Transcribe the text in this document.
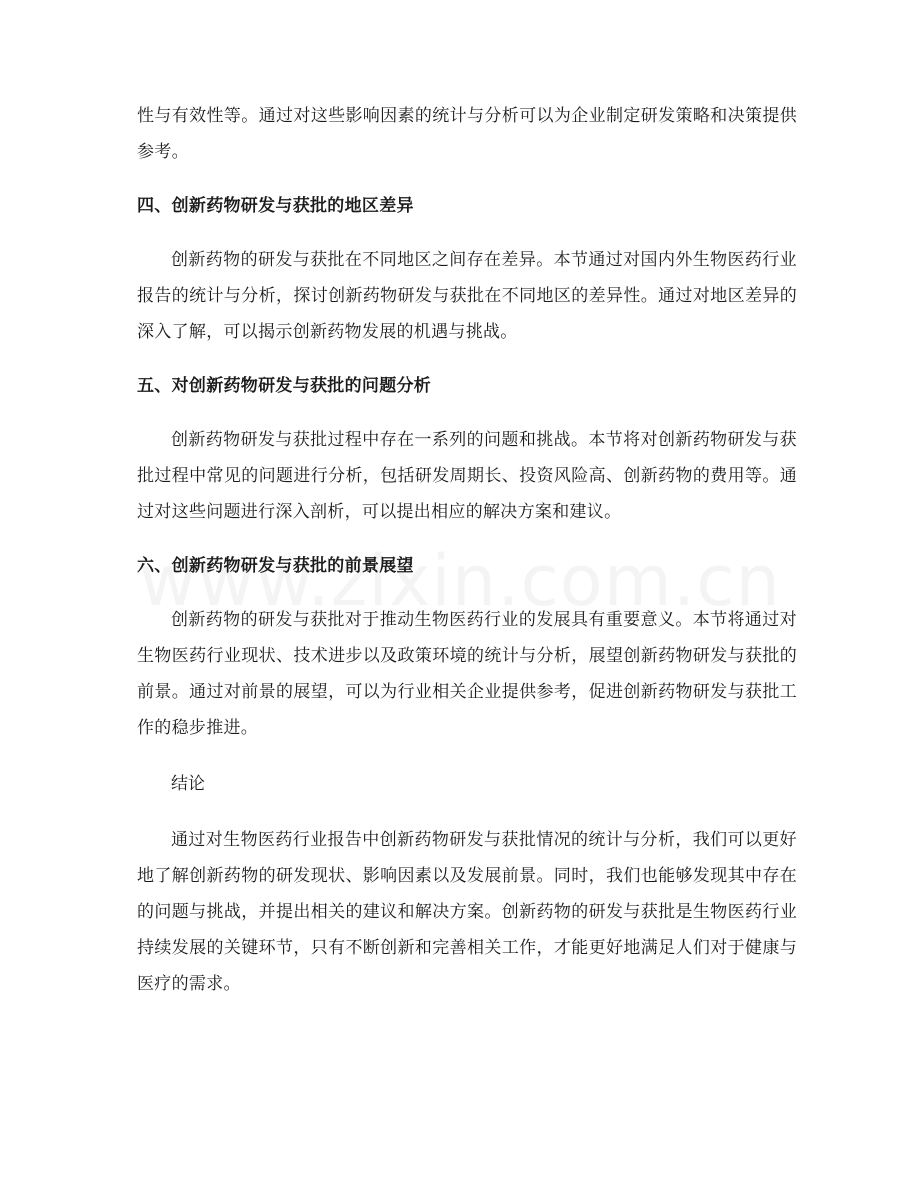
性与有效性等。通过对这些影响因素的统计与分析可以为企业制定研发策略和决策提供参考。

四、创新药物研发与获批的地区差异

创新药物的研发与获批在不同地区之间存在差异。本节通过对国内外生物医药行业报告的统计与分析，探讨创新药物研发与获批在不同地区的差异性。通过对地区差异的深入了解，可以揭示创新药物发展的机遇与挑战。

五、对创新药物研发与获批的问题分析

创新药物研发与获批过程中存在一系列的问题和挑战。本节将对创新药物研发与获批过程中常见的问题进行分析，包括研发周期长、投资风险高、创新药物的费用等。通过对这些问题进行深入剖析，可以提出相应的解决方案和建议。

六、创新药物研发与获批的前景展望

创新药物的研发与获批对于推动生物医药行业的发展具有重要意义。本节将通过对生物医药行业现状、技术进步以及政策环境的统计与分析，展望创新药物研发与获批的前景。通过对前景的展望，可以为行业相关企业提供参考，促进创新药物研发与获批工作的稳步推进。

结论

通过对生物医药行业报告中创新药物研发与获批情况的统计与分析，我们可以更好地了解创新药物的研发现状、影响因素以及发展前景。同时，我们也能够发现其中存在的问题与挑战，并提出相关的建议和解决方案。创新药物的研发与获批是生物医药行业持续发展的关键环节，只有不断创新和完善相关工作，才能更好地满足人们对于健康与医疗的需求。
